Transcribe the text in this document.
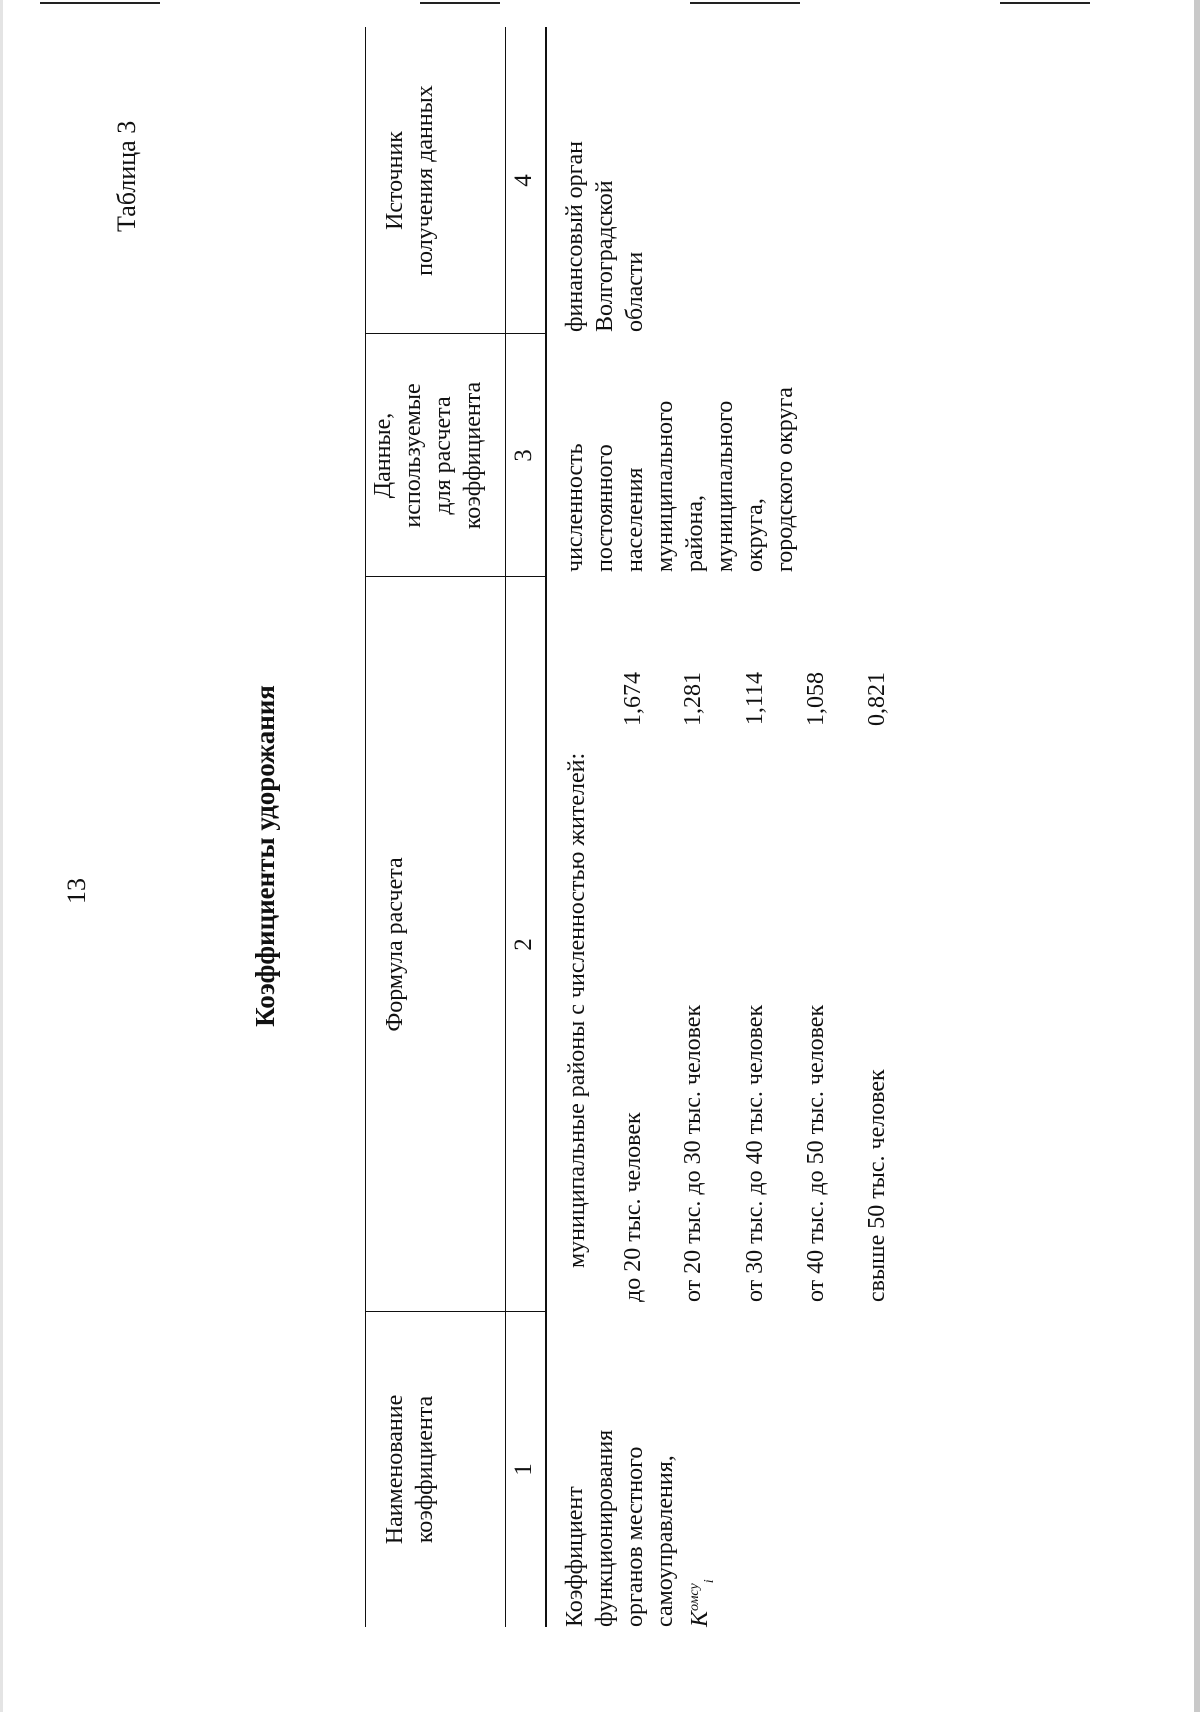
13
Таблица 3
Коэффициенты удорожания
Наименование коэффициента
Формула расчета
Данные, используемые для расчета коэффициента
Источник получения данных
1
2
3
4
Коэффициент функционирования органов местного самоуправления, $K^{омсу}_i$
муниципальные районы с численностью жителей: до 20 тыс. человек
1,674
от 20 тыс. до 30 тыс. человек
1,281
от 30 тыс. до 40 тыс. человек
1,114
от 40 тыс. до 50 тыс. человек
1,058
свыше 50 тыс. человек
0,821
численность постоянного населения муниципального района, муниципального округа, городского округа
финансовый орган Волгоградской области
